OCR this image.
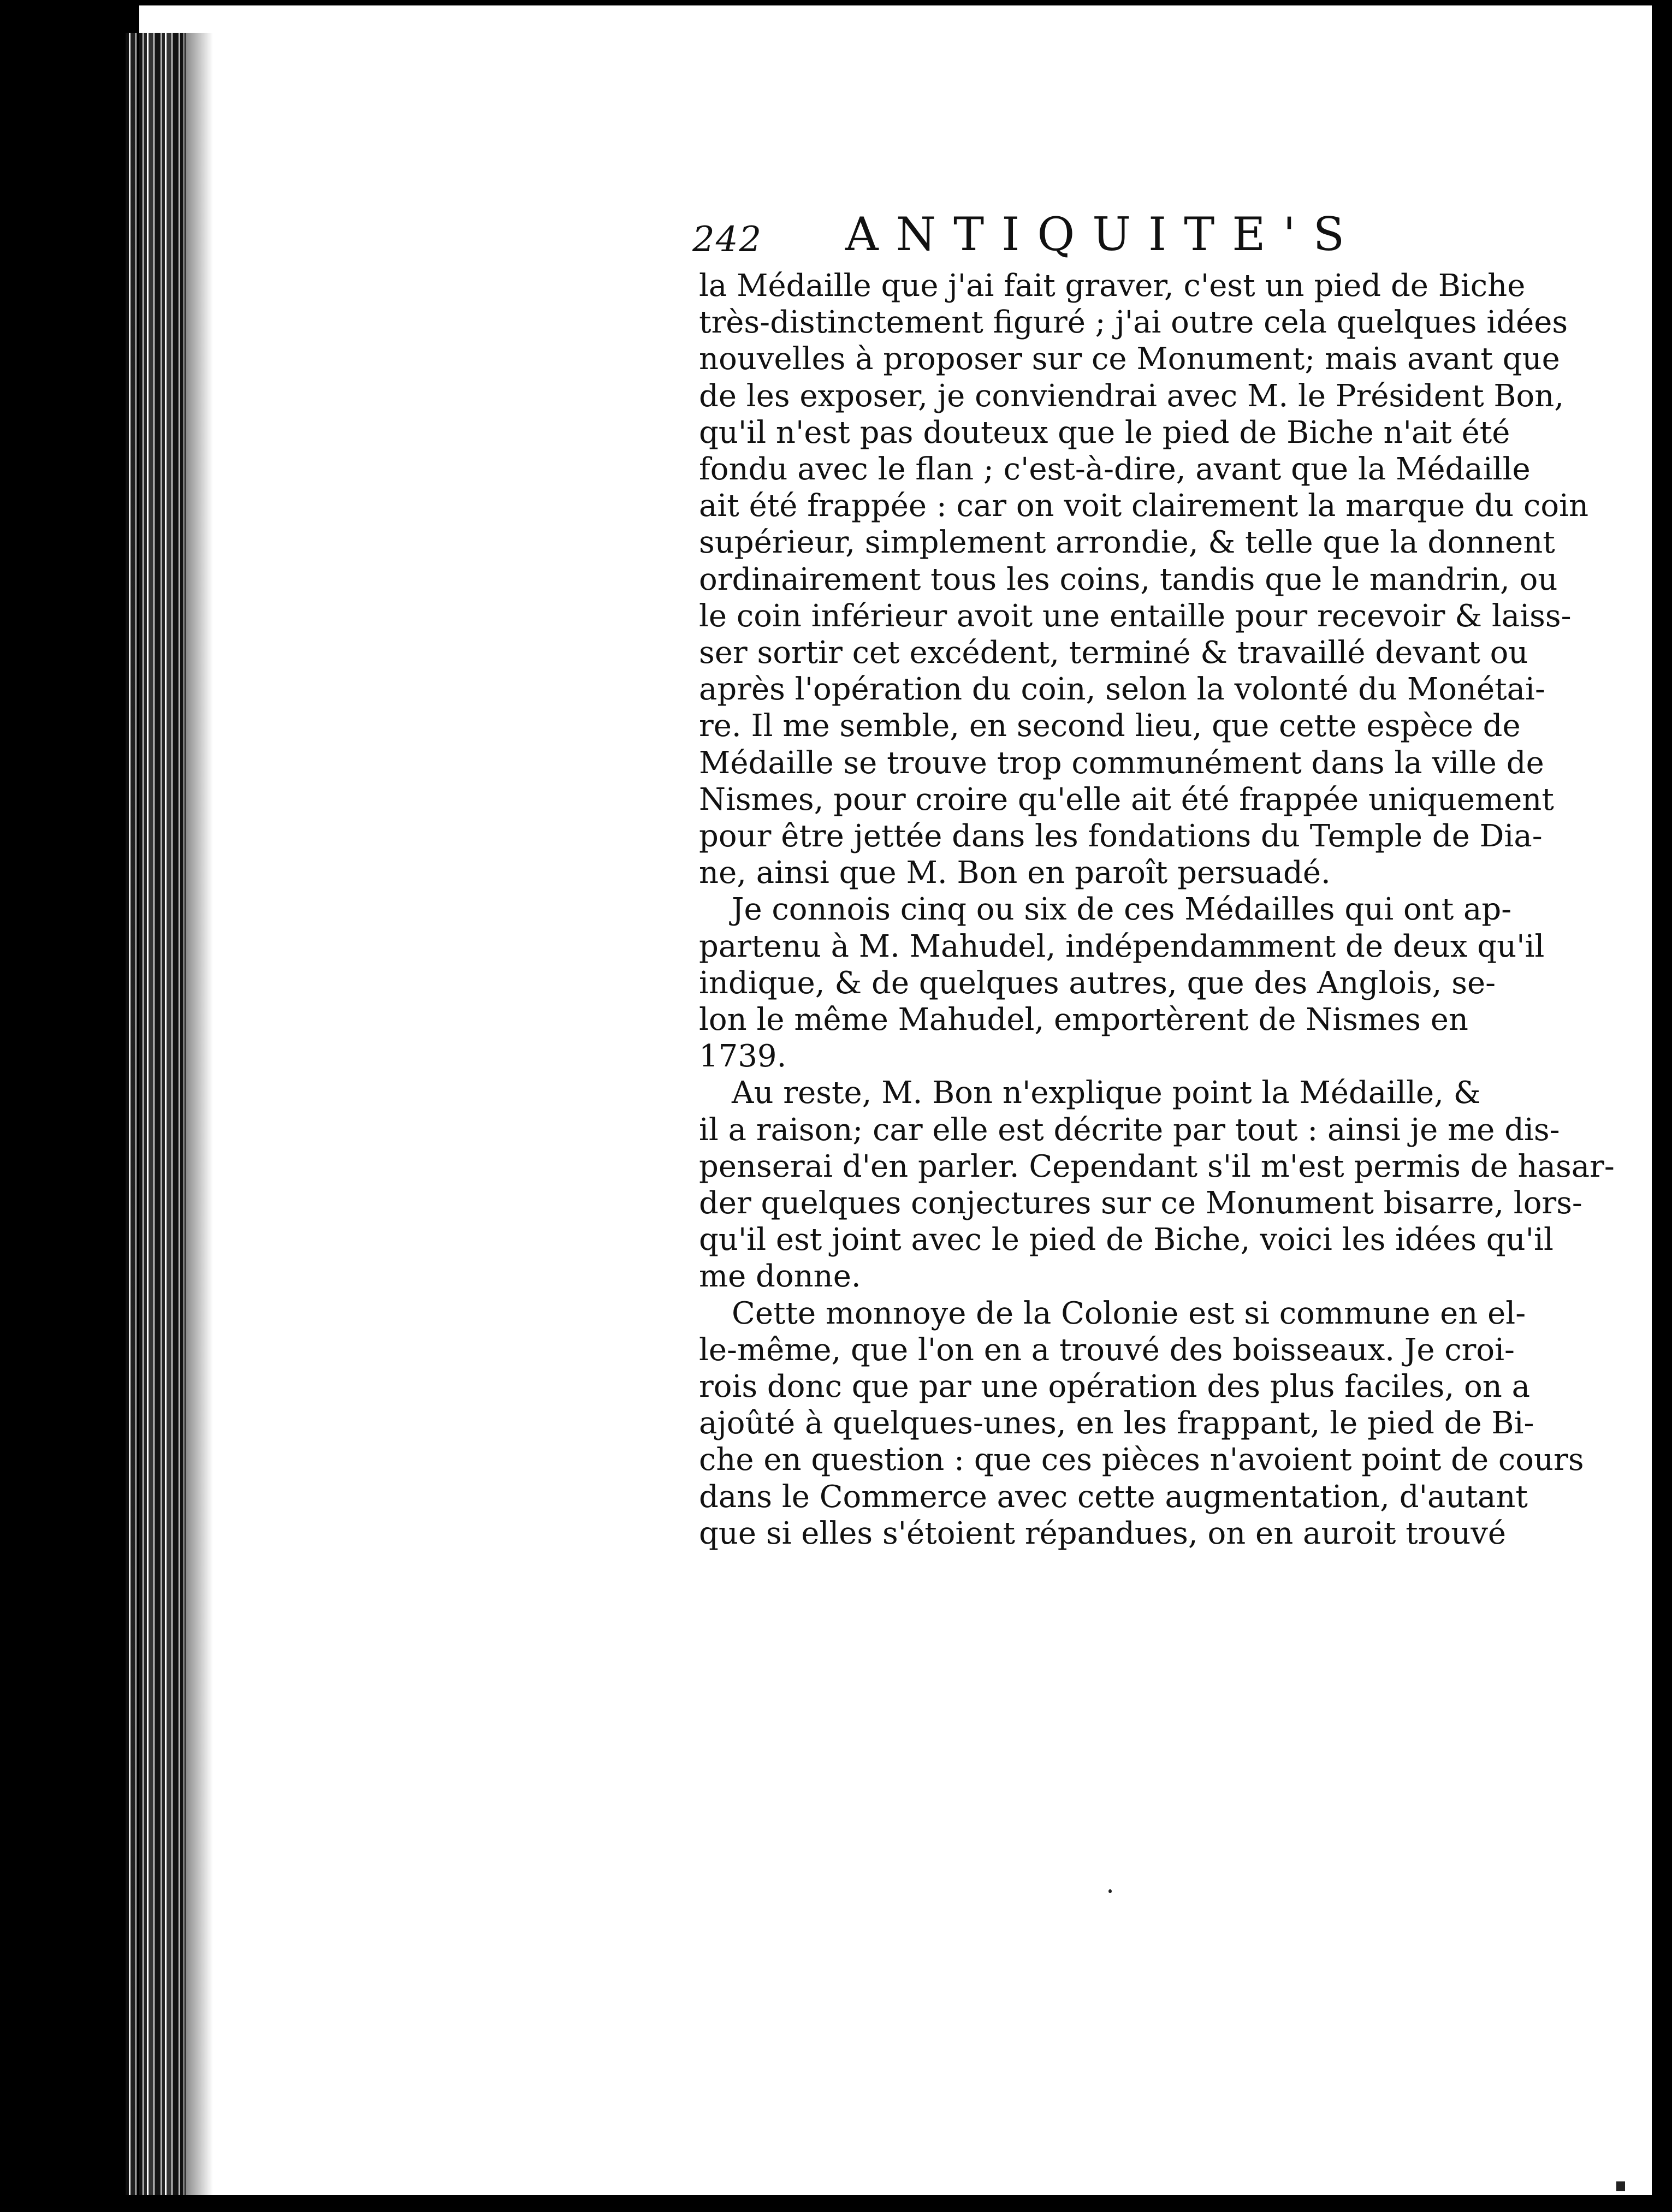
242 ANTIQUITE'S
la Médaille que j'ai fait graver, c'est un pied de Biche
très-distinctement figuré ; j'ai outre cela quelques idées
nouvelles à proposer sur ce Monument; mais avant que
de les exposer, je conviendrai avec M. le Président Bon,
qu'il n'est pas douteux que le pied de Biche n'ait été
fondu avec le flan ; c'est-à-dire, avant que la Médaille
ait été frappée : car on voit clairement la marque du coin
supérieur, simplement arrondie, & telle que la donnent
ordinairement tous les coins, tandis que le mandrin, ou
le coin inférieur avoit une entaille pour recevoir & laiss-
ser sortir cet excédent, terminé & travaillé devant ou
après l'opération du coin, selon la volonté du Monétai-
re. Il me semble, en second lieu, que cette espèce de
Médaille se trouve trop communément dans la ville de
Nismes, pour croire qu'elle ait été frappée uniquement
pour être jettée dans les fondations du Temple de Dia-
ne, ainsi que M. Bon en paroît persuadé.
Je connois cinq ou six de ces Médailles qui ont ap-
partenu à M. Mahudel, indépendamment de deux qu'il
indique, & de quelques autres, que des Anglois, se-
lon le même Mahudel, emportèrent de Nismes en
1739.
Au reste, M. Bon n'explique point la Médaille, &
il a raison; car elle est décrite par tout : ainsi je me dis-
penserai d'en parler. Cependant s'il m'est permis de hasar-
der quelques conjectures sur ce Monument bisarre, lors-
qu'il est joint avec le pied de Biche, voici les idées qu'il
me donne.
Cette monnoye de la Colonie est si commune en el-
le-même, que l'on en a trouvé des boisseaux. Je croi-
rois donc que par une opération des plus faciles, on a
ajoûté à quelques-unes, en les frappant, le pied de Bi-
che en question : que ces pièces n'avoient point de cours
dans le Commerce avec cette augmentation, d'autant
que si elles s'étoient répandues, on en auroit trouvé
